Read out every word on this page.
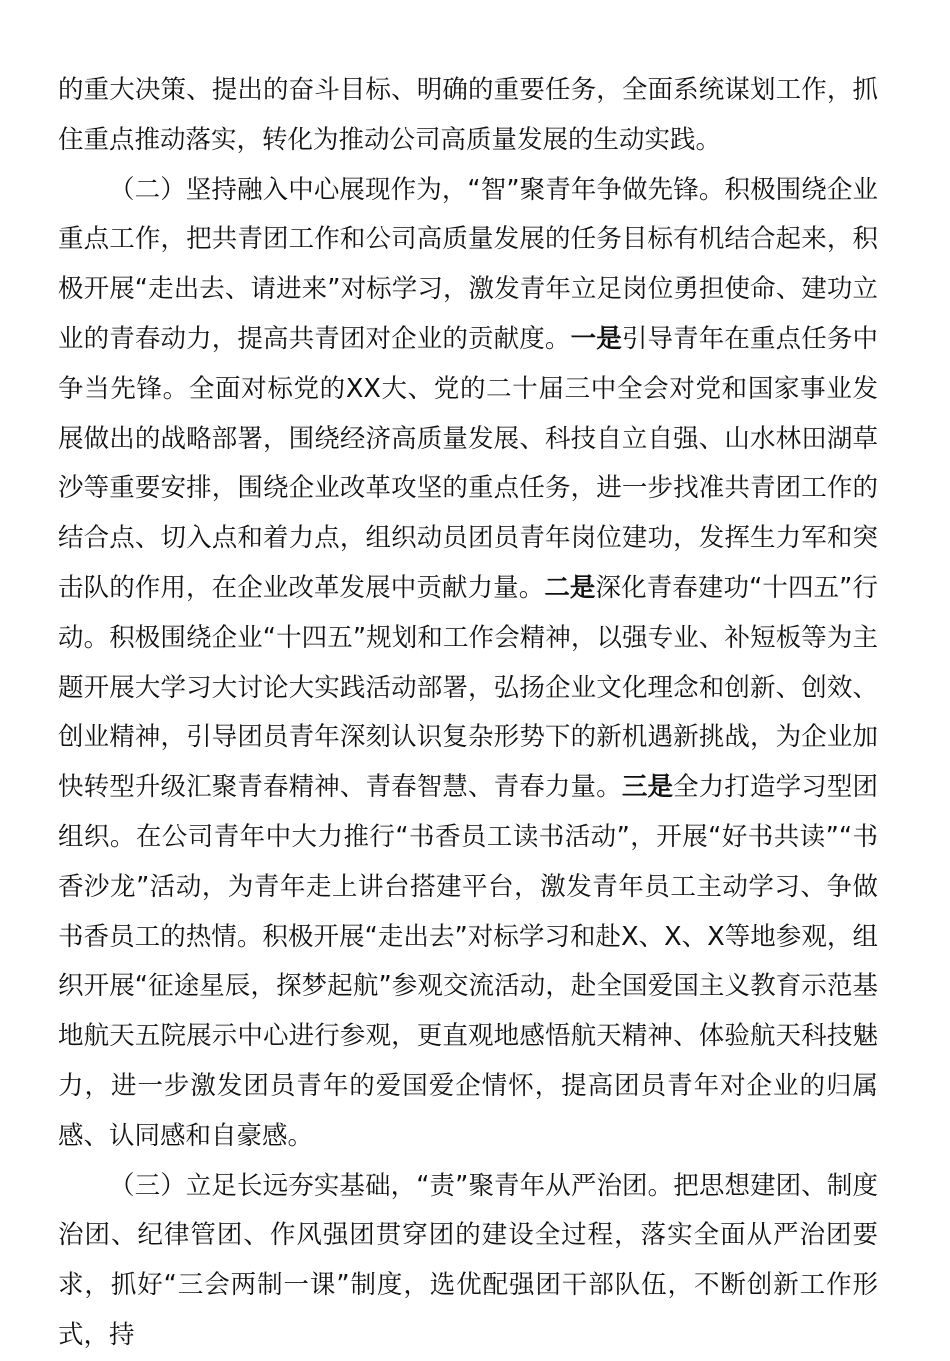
的重大决策、提出的奋斗目标、明确的重要任务，全面系统谋划工作，抓住重点推动落实，转化为推动公司高质量发展的生动实践。

（二）坚持融入中心展现作为，“智”聚青年争做先锋。积极围绕企业重点工作，把共青团工作和公司高质量发展的任务目标有机结合起来，积极开展“走出去、请进来”对标学习，激发青年立足岗位勇担使命、建功立业的青春动力，提高共青团对企业的贡献度。一是引导青年在重点任务中争当先锋。全面对标党的XX大、党的二十届三中全会对党和国家事业发展做出的战略部署，围绕经济高质量发展、科技自立自强、山水林田湖草沙等重要安排，围绕企业改革攻坚的重点任务，进一步找准共青团工作的结合点、切入点和着力点，组织动员团员青年岗位建功，发挥生力军和突击队的作用，在企业改革发展中贡献力量。二是深化青春建功“十四五”行动。积极围绕企业“十四五”规划和工作会精神，以强专业、补短板等为主题开展大学习大讨论大实践活动部署，弘扬企业文化理念和创新、创效、创业精神，引导团员青年深刻认识复杂形势下的新机遇新挑战，为企业加快转型升级汇聚青春精神、青春智慧、青春力量。三是全力打造学习型团组织。在公司青年中大力推行“书香员工读书活动”，开展“好书共读”“书香沙龙”活动，为青年走上讲台搭建平台，激发青年员工主动学习、争做书香员工的热情。积极开展“走出去”对标学习和赴X、X、X等地参观，组织开展“征途星辰，探梦起航”参观交流活动，赴全国爱国主义教育示范基地航天五院展示中心进行参观，更直观地感悟航天精神、体验航天科技魅力，进一步激发团员青年的爱国爱企情怀，提高团员青年对企业的归属感、认同感和自豪感。

（三）立足长远夯实基础，“责”聚青年从严治团。把思想建团、制度治团、纪律管团、作风强团贯穿团的建设全过程，落实全面从严治团要求，抓好“三会两制一课”制度，选优配强团干部队伍，不断创新工作形式，持
